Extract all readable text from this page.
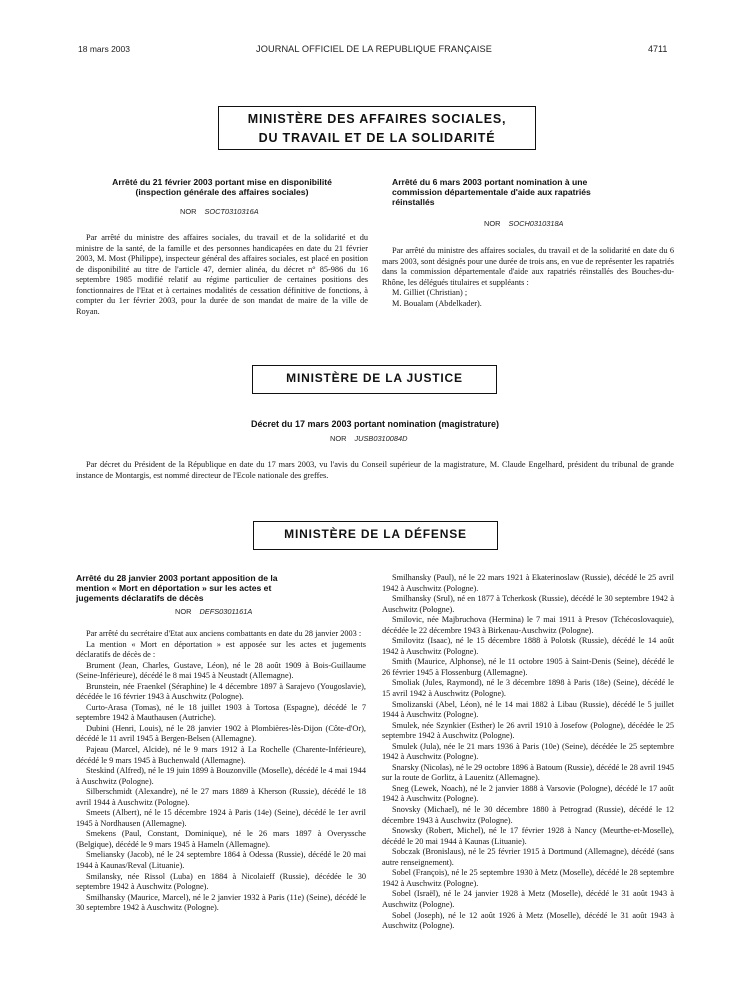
18 mars 2003	JOURNAL OFFICIEL DE LA REPUBLIQUE FRANÇAISE	4711
MINISTÈRE DES AFFAIRES SOCIALES,
DU TRAVAIL ET DE LA SOLIDARITÉ
Arrêté du 21 février 2003 portant mise en disponibilité
(inspection générale des affaires sociales)
NOR SOCT0310316A

Par arrêté du ministre des affaires sociales, du travail et de la solidarité et du ministre de la santé, de la famille et des personnes handicapées en date du 21 février 2003, M. Most (Philippe), inspecteur général des affaires sociales, est placé en position de disponibilité au titre de l'article 47, dernier alinéa, du décret n° 85-986 du 16 septembre 1985 modifié relatif au régime particulier de certaines positions des fonctionnaires de l'Etat et à certaines modalités de cessation définitive de fonctions, à compter du 1er février 2003, pour la durée de son mandat de maire de la ville de Royan.

Arrêté du 6 mars 2003 portant nomination à une
commission départementale d'aide aux rapatriés
réinstallés
NOR SOCH0310318A

Par arrêté du ministre des affaires sociales, du travail et de la solidarité en date du 6 mars 2003, sont désignés pour une durée de trois ans, en vue de représenter les rapatriés dans la commission départementale d'aide aux rapatriés réinstallés des Bouches-du-Rhône, les délégués titulaires et suppléants :

M. Gilliet (Christian) ;

M. Boualam (Abdelkader).

MINISTÈRE DE LA JUSTICE
Décret du 17 mars 2003 portant nomination (magistrature)
NOR JUSB0310084D

Par décret du Président de la République en date du 17 mars 2003, vu l'avis du Conseil supérieur de la magistrature, M. Claude Engelhard, président du tribunal de grande instance de Montargis, est nommé directeur de l'Ecole nationale des greffes.

MINISTÈRE DE LA DÉFENSE
Arrêté du 28 janvier 2003 portant apposition de la
mention « Mort en déportation » sur les actes et
jugements déclaratifs de décès
NOR DEFS0301161A

Par arrêté du secrétaire d'Etat aux anciens combattants en date du 28 janvier 2003 :

La mention « Mort en déportation » est apposée sur les actes et jugements déclaratifs de décès de :

Brument (Jean, Charles, Gustave, Léon), né le 28 août 1909 à Bois-Guillaume (Seine-Inférieure), décédé le 8 mai 1945 à Neustadt (Allemagne).

Brunstein, née Fraenkel (Séraphine) le 4 décembre 1897 à Sarajevo (Yougoslavie), décédée le 16 février 1943 à Auschwitz (Pologne).

Curto-Arasa (Tomas), né le 18 juillet 1903 à Tortosa (Espagne), décédé le 7 septembre 1942 à Mauthausen (Autriche).

Dubini (Henri, Louis), né le 28 janvier 1902 à Plombières-lès-Dijon (Côte-d'Or), décédé le 11 avril 1945 à Bergen-Belsen (Allemagne).

Pajeau (Marcel, Alcide), né le 9 mars 1912 à La Rochelle (Charente-Inférieure), décédé le 9 mars 1945 à Buchenwald (Allemagne).

Steskind (Alfred), né le 19 juin 1899 à Bouzonville (Moselle), décédé le 4 mai 1944 à Auschwitz (Pologne).

Silberschmidt (Alexandre), né le 27 mars 1889 à Kherson (Russie), décédé le 18 avril 1944 à Auschwitz (Pologne).

Smeets (Albert), né le 15 décembre 1924 à Paris (14e) (Seine), décédé le 1er avril 1945 à Nordhausen (Allemagne).

Smekens (Paul, Constant, Dominique), né le 26 mars 1897 à Overyssche (Belgique), décédé le 9 mars 1945 à Hameln (Allemagne).

Smeliansky (Jacob), né le 24 septembre 1864 à Odessa (Russie), décédé le 20 mai 1944 à Kaunas/Reval (Lituanie).

Smilansky, née Rissol (Luba) en 1884 à Nicolaieff (Russie), décédée le 30 septembre 1942 à Auschwitz (Pologne).

Smilhansky (Maurice, Marcel), né le 2 janvier 1932 à Paris (11e) (Seine), décédé le 30 septembre 1942 à Auschwitz (Pologne).

Smilhansky (Paul), né le 22 mars 1921 à Ekaterinoslaw (Russie), décédé le 25 avril 1942 à Auschwitz (Pologne).

Smilhansky (Srul), né en 1877 à Tcherkosk (Russie), décédé le 30 septembre 1942 à Auschwitz (Pologne).

Smilovic, née Majbruchova (Hermina) le 7 mai 1911 à Presov (Tchécoslovaquie), décédée le 22 décembre 1943 à Birkenau-Auschwitz (Pologne).

Smilovitz (Isaac), né le 15 décembre 1888 à Polotsk (Russie), décédé le 14 août 1942 à Auschwitz (Pologne).

Smith (Maurice, Alphonse), né le 11 octobre 1905 à Saint-Denis (Seine), décédé le 26 février 1945 à Flossenburg (Allemagne).

Smoliak (Jules, Raymond), né le 3 décembre 1898 à Paris (18e) (Seine), décédé le 15 avril 1942 à Auschwitz (Pologne).

Smolizanski (Abel, Léon), né le 14 mai 1882 à Libau (Russie), décédé le 5 juillet 1944 à Auschwitz (Pologne).

Smulek, née Szynkier (Esther) le 26 avril 1910 à Josefow (Pologne), décédée le 25 septembre 1942 à Auschwitz (Pologne).

Smulek (Jula), née le 21 mars 1936 à Paris (10e) (Seine), décédée le 25 septembre 1942 à Auschwitz (Pologne).

Snarsky (Nicolas), né le 29 octobre 1896 à Batoum (Russie), décédé le 28 avril 1945 sur la route de Gorlitz, à Lauenitz (Allemagne).

Sneg (Lewek, Noach), né le 2 janvier 1888 à Varsovie (Pologne), décédé le 17 août 1942 à Auschwitz (Pologne).

Snovsky (Michael), né le 30 décembre 1880 à Petrograd (Russie), décédé le 12 décembre 1943 à Auschwitz (Pologne).

Snowsky (Robert, Michel), né le 17 février 1928 à Nancy (Meurthe-et-Moselle), décédé le 20 mai 1944 à Kaunas (Lituanie).

Sobczak (Bronislaus), né le 25 février 1915 à Dortmund (Allemagne), décédé (sans autre renseignement).

Sobel (François), né le 25 septembre 1930 à Metz (Moselle), décédé le 28 septembre 1942 à Auschwitz (Pologne).

Sobel (Israël), né le 24 janvier 1928 à Metz (Moselle), décédé le 31 août 1943 à Auschwitz (Pologne).

Sobel (Joseph), né le 12 août 1926 à Metz (Moselle), décédé le 31 août 1943 à Auschwitz (Pologne).
